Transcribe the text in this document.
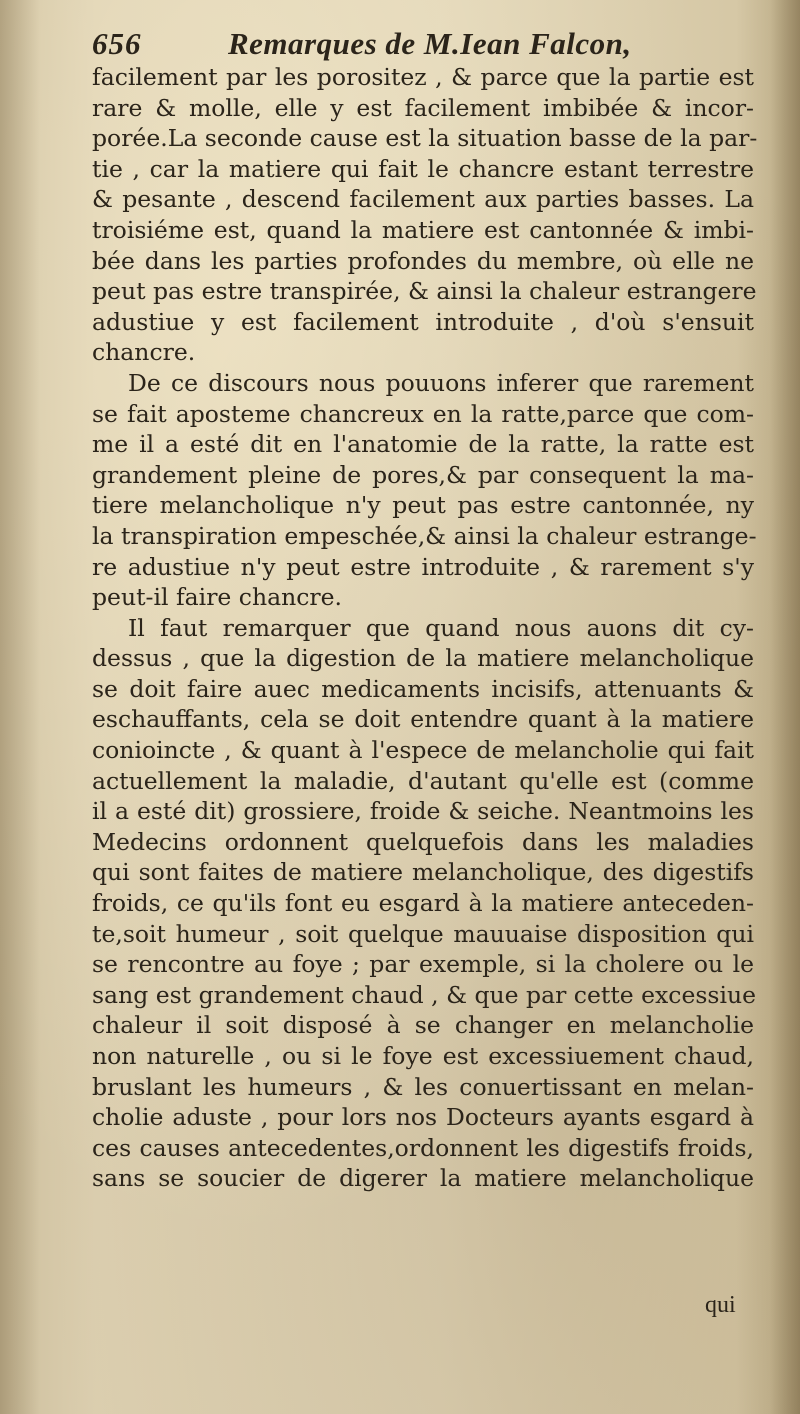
656	Remarques de M.Iean Falcon,
facilement par les porositez , & parce que la partie est
rare & molle, elle y est facilement imbibée & incor-
porée.La seconde cause est la situation basse de la par-
tie , car la matiere qui fait le chancre estant terrestre
& pesante , descend facilement aux parties basses. La
troisiéme est, quand la matiere est cantonnée & imbi-
bée dans les parties profondes du membre, où elle ne
peut pas estre transpirée, & ainsi la chaleur estrangere
adustiue y est facilement introduite , d'où s'ensuit
chancre.
De ce discours nous pouuons inferer que rarement
se fait aposteme chancreux en la ratte,parce que com-
me il a esté dit en l'anatomie de la ratte, la ratte est
grandement pleine de pores,& par consequent la ma-
tiere melancholique n'y peut pas estre cantonnée, ny
la transpiration empeschée,& ainsi la chaleur estrange-
re adustiue n'y peut estre introduite , & rarement s'y
peut-il faire chancre.
Il faut remarquer que quand nous auons dit cy-
dessus , que la digestion de la matiere melancholique
se doit faire auec medicaments incisifs, attenuants &
eschauffants, cela se doit entendre quant à la matiere
conioincte , & quant à l'espece de melancholie qui fait
actuellement la maladie, d'autant qu'elle est (comme
il a esté dit) grossiere, froide & seiche. Neantmoins les
Medecins ordonnent quelquefois dans les maladies
qui sont faites de matiere melancholique, des digestifs
froids, ce qu'ils font eu esgard à la matiere anteceden-
te,soit humeur , soit quelque mauuaise disposition qui
se rencontre au foye ; par exemple, si la cholere ou le
sang est grandement chaud , & que par cette excessiue
chaleur il soit disposé à se changer en melancholie
non naturelle , ou si le foye est excessiuement chaud,
bruslant les humeurs , & les conuertissant en melan-
cholie aduste , pour lors nos Docteurs ayants esgard à
ces causes antecedentes,ordonnent les digestifs froids,
sans se soucier de digerer la matiere melancholique
qui
